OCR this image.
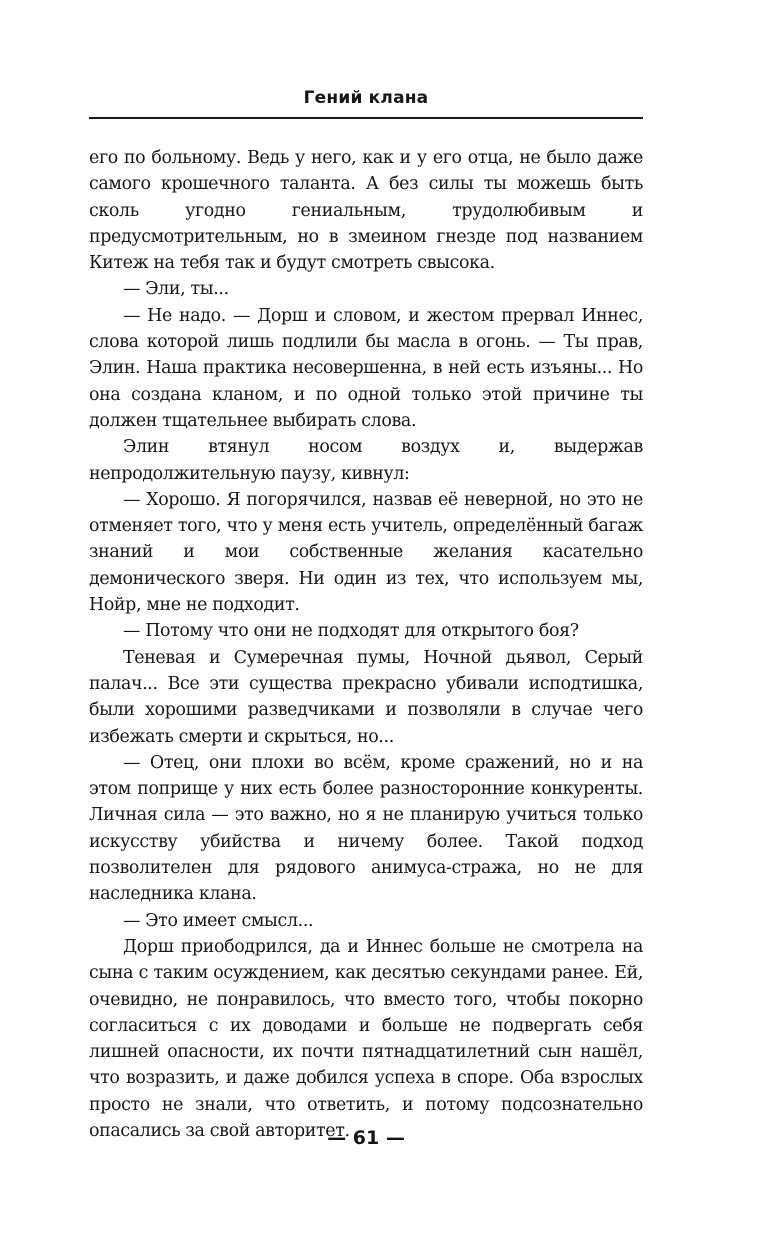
Гений клана

его по больному. Ведь у него, как и у его отца, не было даже самого крошечного таланта. А без силы ты можешь быть сколь угодно гениальным, трудолюбивым и предусмотрительным, но в змеином гнезде под названием Китеж на тебя так и будут смотреть свысока.

— Эли, ты...

— Не надо. — Дорш и словом, и жестом прервал Иннес, слова которой лишь подлили бы масла в огонь. — Ты прав, Элин. Наша практика несовершенна, в ней есть изъяны... Но она создана кланом, и по одной только этой причине ты должен тщательнее выбирать слова.

Элин втянул носом воздух и, выдержав непродолжительную паузу, кивнул:

— Хорошо. Я погорячился, назвав её неверной, но это не отменяет того, что у меня есть учитель, определённый багаж знаний и мои собственные желания касательно демонического зверя. Ни один из тех, что используем мы, Нойр, мне не подходит.

— Потому что они не подходят для открытого боя?

Теневая и Сумеречная пумы, Ночной дьявол, Серый палач... Все эти существа прекрасно убивали исподтишка, были хорошими разведчиками и позволяли в случае чего избежать смерти и скрыться, но...

— Отец, они плохи во всём, кроме сражений, но и на этом поприще у них есть более разносторонние конкуренты. Личная сила — это важно, но я не планирую учиться только искусству убийства и ничему более. Такой подход позволителен для рядового анимуса-стража, но не для наследника клана.

— Это имеет смысл...

Дорш приободрился, да и Иннес больше не смотрела на сына с таким осуждением, как десятью секундами ранее. Ей, очевидно, не понравилось, что вместо того, чтобы покорно согласиться с их доводами и больше не подвергать себя лишней опасности, их почти пятнадцатилетний сын нашёл, что возразить, и даже добился успеха в споре. Оба взрослых просто не знали, что ответить, и потому подсознательно опасались за свой авторитет.

— 61 —
